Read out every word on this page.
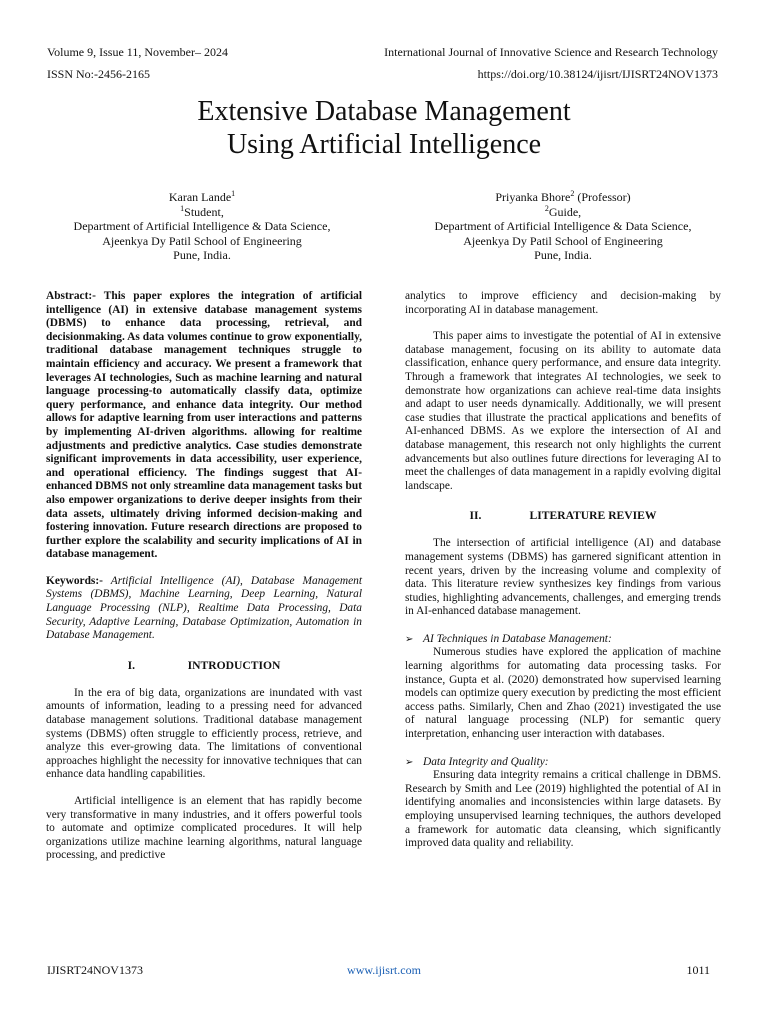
Volume 9, Issue 11, November– 2024	International Journal of Innovative Science and Research Technology
ISSN No:-2456-2165	https://doi.org/10.38124/ijisrt/IJISRT24NOV1373
Extensive Database Management
Using Artificial Intelligence
Karan Lande$^1$
$^1$Student,
Department of Artificial Intelligence & Data Science,
Ajeenkya Dy Patil School of Engineering
Pune, India.
Priyanka Bhore$^2$ (Professor)
$^2$Guide,
Department of Artificial Intelligence & Data Science,
Ajeenkya Dy Patil School of Engineering
Pune, India.

Abstract:- This paper explores the integration of artificial intelligence (AI) in extensive database management systems (DBMS) to enhance data processing, retrieval, and decisionmaking. As data volumes continue to grow exponentially, traditional database management techniques struggle to maintain efficiency and accuracy. We present a framework that leverages AI technologies, Such as machine learning and natural language processing-to automatically classify data, optimize query performance, and enhance data integrity. Our method allows for adaptive learning from user interactions and patterns by implementing AI-driven algorithms. allowing for realtime adjustments and predictive analytics. Case studies demonstrate significant improvements in data accessibility, user experience, and operational efficiency. The findings suggest that AI-enhanced DBMS not only streamline data management tasks but also empower organizations to derive deeper insights from their data assets, ultimately driving informed decision-making and fostering innovation. Future research directions are proposed to further explore the scalability and security implications of AI in database management.

Keywords:- Artificial Intelligence (AI), Database Management Systems (DBMS), Machine Learning, Deep Learning, Natural Language Processing (NLP), Realtime Data Processing, Data Security, Adaptive Learning, Database Optimization, Automation in Database Management.

I.	INTRODUCTION

In the era of big data, organizations are inundated with vast amounts of information, leading to a pressing need for advanced database management solutions. Traditional database management systems (DBMS) often struggle to efficiently process, retrieve, and analyze this ever-growing data. The limitations of conventional approaches highlight the necessity for innovative techniques that can enhance data handling capabilities.

Artificial intelligence is an element that has rapidly become very transformative in many industries, and it offers powerful tools to automate and optimize complicated procedures. It will help organizations utilize machine learning algorithms, natural language processing, and predictive

analytics to improve efficiency and decision-making by incorporating AI in database management.

This paper aims to investigate the potential of AI in extensive database management, focusing on its ability to automate data classification, enhance query performance, and ensure data integrity. Through a framework that integrates AI technologies, we seek to demonstrate how organizations can achieve real-time data insights and adapt to user needs dynamically. Additionally, we will present case studies that illustrate the practical applications and benefits of AI-enhanced DBMS. As we explore the intersection of AI and database management, this research not only highlights the current advancements but also outlines future directions for leveraging AI to meet the challenges of data management in a rapidly evolving digital landscape.

II.	LITERATURE REVIEW

The intersection of artificial intelligence (AI) and database management systems (DBMS) has garnered significant attention in recent years, driven by the increasing volume and complexity of data. This literature review synthesizes key findings from various studies, highlighting advancements, challenges, and emerging trends in AI-enhanced database management.

➢ AI Techniques in Database Management:

Numerous studies have explored the application of machine learning algorithms for automating data processing tasks. For instance, Gupta et al. (2020) demonstrated how supervised learning models can optimize query execution by predicting the most efficient access paths. Similarly, Chen and Zhao (2021) investigated the use of natural language processing (NLP) for semantic query interpretation, enhancing user interaction with databases.

➢ Data Integrity and Quality:

Ensuring data integrity remains a critical challenge in DBMS. Research by Smith and Lee (2019) highlighted the potential of AI in identifying anomalies and inconsistencies within large datasets. By employing unsupervised learning techniques, the authors developed a framework for automatic data cleansing, which significantly improved data quality and reliability.

IJISRT24NOV1373	www.ijisrt.com	1011
